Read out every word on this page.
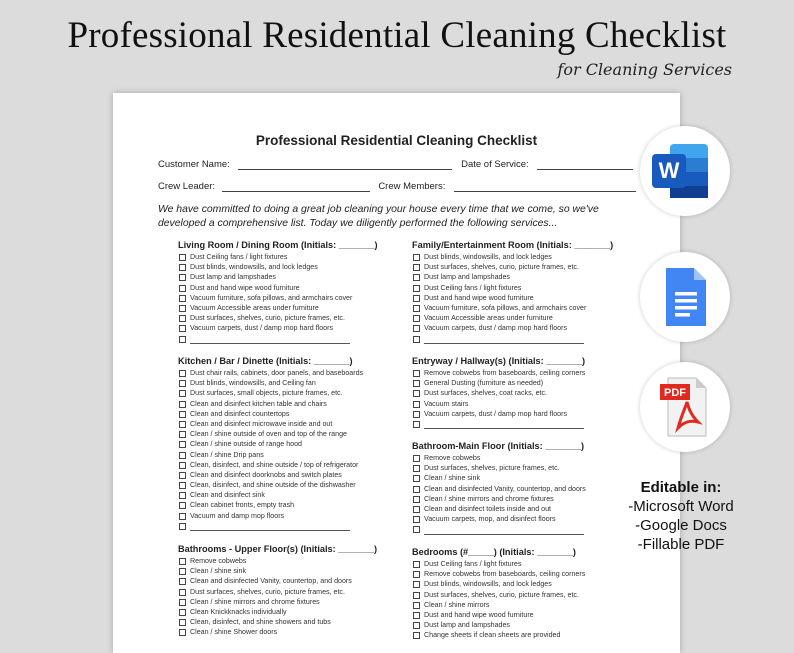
Professional Residential Cleaning Checklist
for Cleaning Services
Professional Residential Cleaning Checklist
Customer Name:	Date of Service:
Crew Leader:	Crew Members:
We have committed to doing a great job cleaning your house every time that we come, so we've developed a comprehensive list. Today we diligently performed the following services...
Living Room / Dining Room (Initials: _______)
Dust Ceiling fans / light fixtures
Dust blinds, windowsills, and lock ledges
Dust lamp and lampshades
Dust and hand wipe wood furniture
Vacuum furniture, sofa pillows, and armchairs cover
Vacuum Accessible areas under furniture
Dust surfaces, shelves, curio, picture frames, etc.
Vacuum carpets, dust / damp mop hard floors
Kitchen / Bar / Dinette (Initials: _______)
Dust chair rails, cabinets, door panels, and baseboards
Dust blinds, windowsills, and Ceiling fan
Dust surfaces, small objects, picture frames, etc.
Clean and disinfect kitchen table and chairs
Clean and disinfect countertops
Clean and disinfect microwave inside and out
Clean / shine outside of oven and top of the range
Clean / shine outside of range hood
Clean / shine Drip pans
Clean, disinfect, and shine outside / top of refrigerator
Clean and disinfect doorknobs and switch plates
Clean, disinfect, and shine outside of the dishwasher
Clean and disinfect sink
Clean cabinet fronts, empty trash
Vacuum and damp mop floors
Bathrooms - Upper Floor(s) (Initials: _______)
Remove cobwebs
Clean / shine sink
Clean and disinfected Vanity, countertop, and doors
Dust surfaces, shelves, curio, picture frames, etc.
Clean / shine mirrors and chrome fixtures
Clean Knickknacks individually
Clean, disinfect, and shine showers and tubs
Clean / shine Shower doors
Family/Entertainment Room (Initials: _______)
Dust blinds, windowsills, and lock ledges
Dust surfaces, shelves, curio, picture frames, etc.
Dust lamp and lampshades
Dust Ceiling fans / light fixtures
Dust and hand wipe wood furniture
Vacuum furniture, sofa pillows, and armchairs cover
Vacuum Accessible areas under furniture
Vacuum carpets, dust / damp mop hard floors
Entryway / Hallway(s) (Initials: _______)
Remove cobwebs from baseboards, ceiling corners
General Dusting (furniture as needed)
Dust surfaces, shelves, coat racks, etc.
Vacuum stairs
Vacuum carpets, dust / damp mop hard floors
Bathroom-Main Floor (Initials: _______)
Remove cobwebs
Dust surfaces, shelves, picture frames, etc.
Clean / shine sink
Clean and disinfected Vanity, countertop, and doors
Clean / shine mirrors and chrome fixtures
Clean and disinfect toilets inside and out
Vacuum carpets, mop, and disinfect floors
Bedrooms (#_____) (Initials: _______)
Dust Ceiling fans / light fixtures
Remove cobwebs from baseboards, ceiling corners
Dust blinds, windowsills, and lock ledges
Dust surfaces, shelves, curio, picture frames, etc.
Clean / shine mirrors
Dust and hand wipe wood furniture
Dust lamp and lampshades
Change sheets if clean sheets are provided
W
PDF
Editable in:
-Microsoft Word
-Google Docs
-Fillable PDF
